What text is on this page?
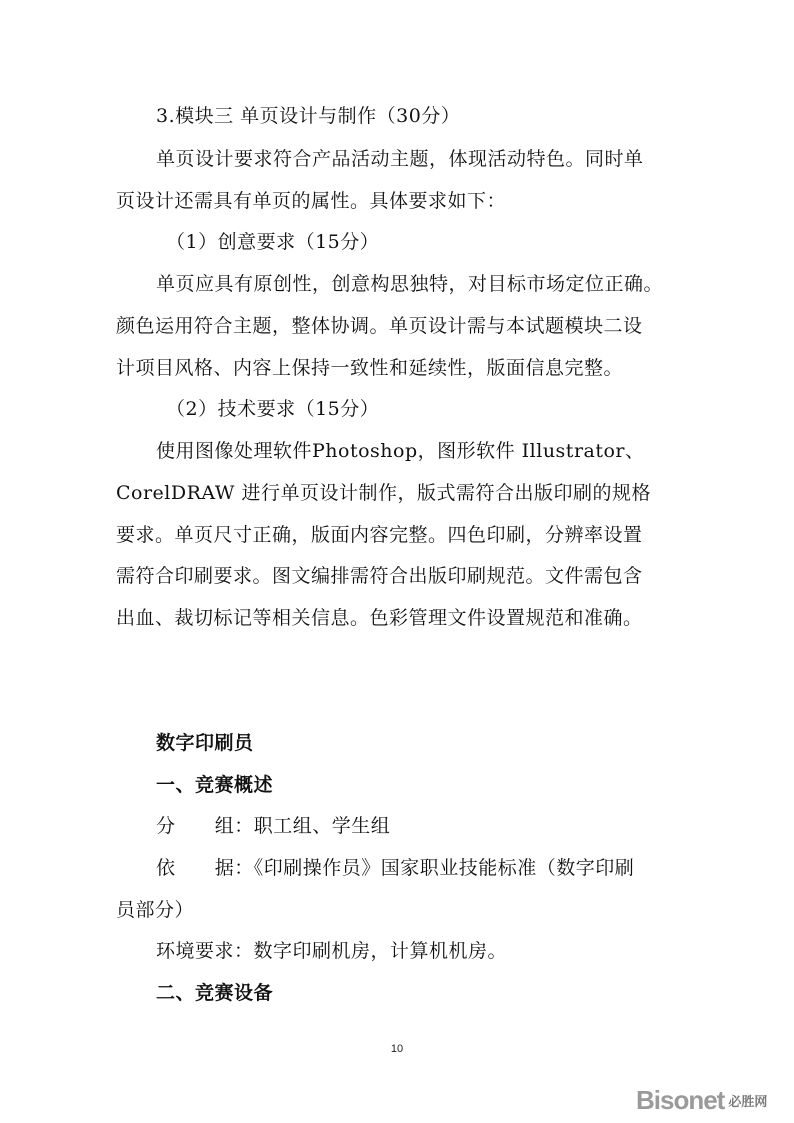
3.模块三 单页设计与制作（30分）
单页设计要求符合产品活动主题，体现活动特色。同时单
页设计还需具有单页的属性。具体要求如下：
（1）创意要求（15分）
单页应具有原创性，创意构思独特，对目标市场定位正确。
颜色运用符合主题，整体协调。单页设计需与本试题模块二设
计项目风格、内容上保持一致性和延续性，版面信息完整。
（2）技术要求（15分）
使用图像处理软件Photoshop，图形软件 Illustrator、
CorelDRAW 进行单页设计制作，版式需符合出版印刷的规格
要求。单页尺寸正确，版面内容完整。四色印刷，分辨率设置
需符合印刷要求。图文编排需符合出版印刷规范。文件需包含
出血、裁切标记等相关信息。色彩管理文件设置规范和准确。
数字印刷员
一、竞赛概述
分      组：职工组、学生组
依      据：《印刷操作员》国家职业技能标准（数字印刷
员部分）
环境要求：数字印刷机房，计算机机房。
二、竞赛设备
10
Bisonet 必胜网
